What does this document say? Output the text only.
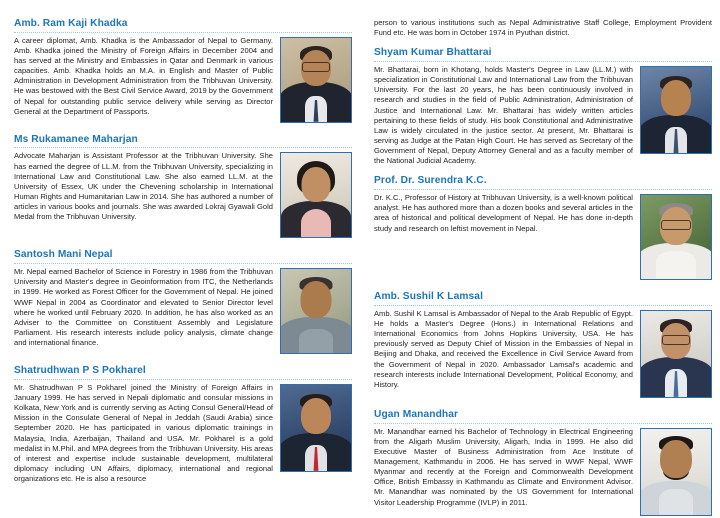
Amb. Ram Kaji Khadka
A career diplomat, Amb. Khadka is the Ambassador of Nepal to Germany. Amb. Khadka joined the Ministry of Foreign Affairs in December 2004 and has served at the Ministry and Embassies in Qatar and Denmark in various capacities. Amb. Khadka holds an M.A. in English and Master of Public Administration in Development Administration from the Tribhuvan University. He was bestowed with the Best Civil Service Award, 2019 by the Government of Nepal for outstanding public service delivery while serving as Director General at the Department of Passports.
Ms Rukamanee Maharjan
Advocate Maharjan is Assistant Professor at the Tribhuvan University. She has earned the degree of LL.M. from the Tribhuvan University, specializing in International Law and Constitutional Law. She also earned LL.M. at the University of Essex, UK under the Chevening scholarship in International Human Rights and Humanitarian Law in 2014. She has authored a number of articles in various books and journals. She was awarded Lokraj Gyawali Gold Medal from the Tribhuvan University.
Santosh Mani Nepal
Mr. Nepal earned Bachelor of Science in Forestry in 1986 from the Tribhuvan University and Master's degree in Geoinformation from ITC, the Netherlands in 1999. He worked as Forest Officer for the Government of Nepal. He joined WWF Nepal in 2004 as Coordinator and elevated to Senior Director level where he worked until February 2020. In addition, he has also worked as an Adviser to the Committee on Constituent Assembly and Legislature Parliament. His research interests include policy analysis, climate change and international finance.
Shatrudhwan P S Pokharel
Mr. Shatrudhwan P S Pokharel joined the Ministry of Foreign Affairs in January 1999. He has served in Nepali diplomatic and consular missions in Kolkata, New York and is currently serving as Acting Consul General/Head of Mission in the Consulate General of Nepal in Jeddah (Saudi Arabia) since September 2020. He has participated in various diplomatic trainings in Malaysia, India, Azerbaijan, Thailand and USA. Mr. Pokharel is a gold medalist in M.Phil. and MPA degrees from the Tribhuvan University. His areas of interest and expertise include sustainable development, multilateral diplomacy including UN Affairs, diplomacy, international and regional organizations etc. He is also a resource
person to various institutions such as Nepal Administrative Staff College, Employment Provident Fund etc. He was born in October 1974 in Pyuthan district.
Shyam Kumar Bhattarai
Mr. Bhattarai, born in Khotang, holds Master's Degree in Law (LL.M.) with specialization in Constitutional Law and International Law from the Tribhuvan University. For the last 20 years, he has been continuously involved in research and studies in the field of Public Administration, Administration of Justice and International Law. Mr. Bhattarai has widely written articles pertaining to these fields of study. His book Constitutional and Administrative Law is widely circulated in the justice sector. At present, Mr. Bhattarai is serving as Judge at the Patan High Court. He has served as Secretary of the Government of Nepal, Deputy Attorney General and as a faculty member of the National Judicial Academy.
Prof. Dr. Surendra K.C.
Dr. K.C., Professor of History at Tribhuvan University, is a well-known political analyst. He has authored more than a dozen books and several articles in the area of historical and political development of Nepal. He has done in-depth study and research on leftist movement in Nepal.
Amb. Sushil K Lamsal
Amb. Sushil K Lamsal is Ambassador of Nepal to the Arab Republic of Egypt. He holds a Master's Degree (Hons.) in International Relations and International Economics from Johns Hopkins University, USA. He has previously served as Deputy Chief of Mission in the Embassies of Nepal in Beijing and Dhaka, and received the Excellence in Civil Service Award from the Government of Nepal in 2020. Ambassador Lamsal's academic and research interests include International Development, Political Economy, and History.
Ugan Manandhar
Mr. Manandhar earned his Bachelor of Technology in Electrical Engineering from the Aligarh Muslim University, Aligarh, India in 1999. He also did Executive Master of Business Administration from Ace Institute of Management, Kathmandu in 2006. He has served in WWF Nepal, WWF Myanmar and recently at the Foreign and Commonwealth Development Office, British Embassy in Kathmandu as Climate and Environment Advisor. Mr. Manandhar was nominated by the US Government for International Visitor Leadership Programme (IVLP) in 2011.
